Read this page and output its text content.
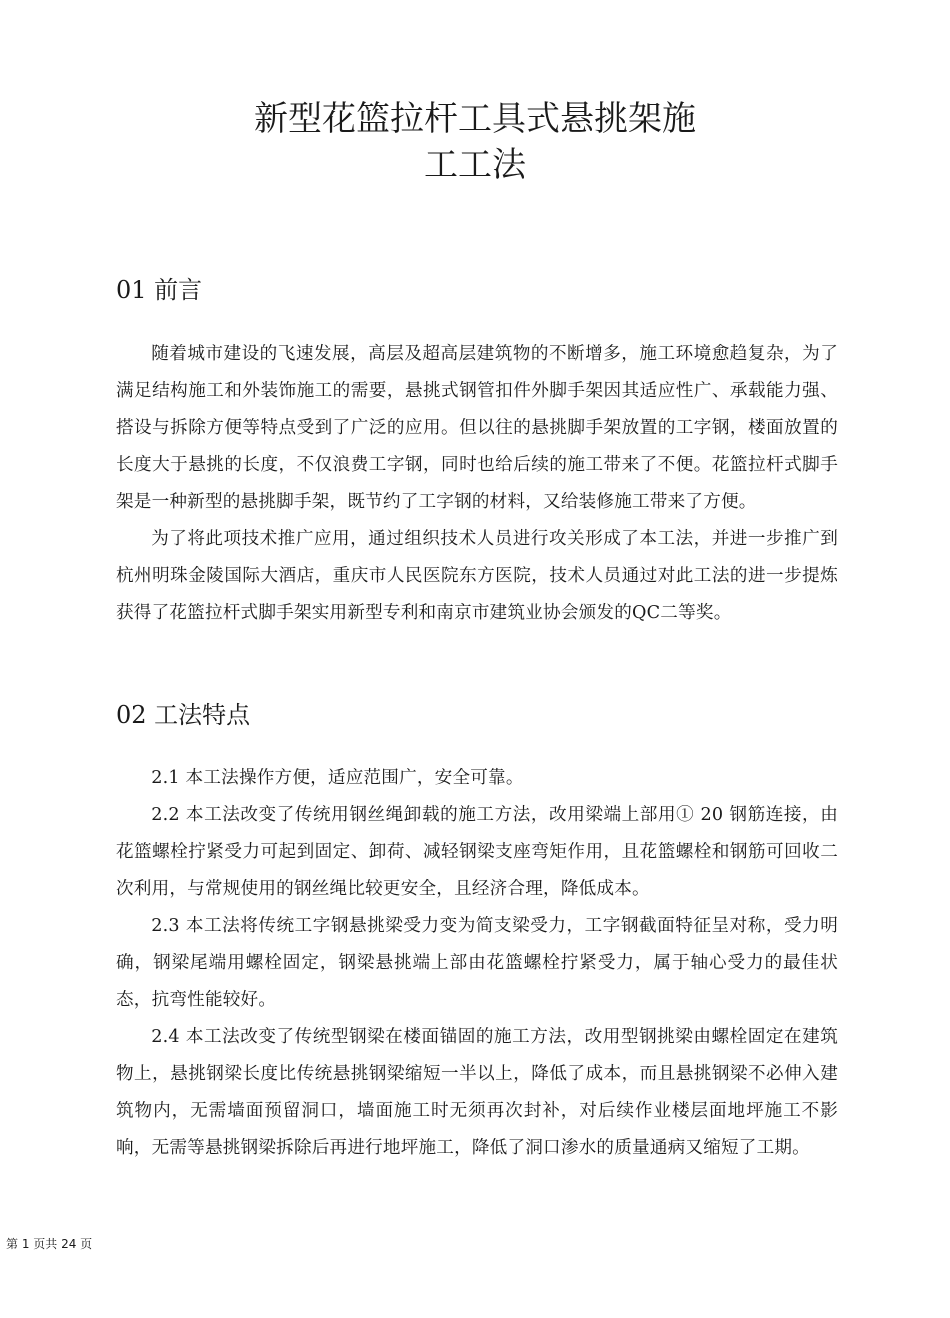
新型花篮拉杆工具式悬挑架施
工工法
01 前言

随着城市建设的飞速发展，高层及超高层建筑物的不断增多，施工环境愈趋复杂，为了满足结构施工和外装饰施工的需要，悬挑式钢管扣件外脚手架因其适应性广、承载能力强、搭设与拆除方便等特点受到了广泛的应用。但以往的悬挑脚手架放置的工字钢，楼面放置的长度大于悬挑的长度，不仅浪费工字钢，同时也给后续的施工带来了不便。花篮拉杆式脚手架是一种新型的悬挑脚手架，既节约了工字钢的材料，又给装修施工带来了方便。

为了将此项技术推广应用，通过组织技术人员进行攻关形成了本工法，并进一步推广到杭州明珠金陵国际大酒店，重庆市人民医院东方医院，技术人员通过对此工法的进一步提炼获得了花篮拉杆式脚手架实用新型专利和南京市建筑业协会颁发的QC二等奖。

02 工法特点

2.1 本工法操作方便，适应范围广，安全可靠。

2.2 本工法改变了传统用钢丝绳卸载的施工方法，改用梁端上部用① 20 钢筋连接，由花篮螺栓拧紧受力可起到固定、卸荷、减轻钢梁支座弯矩作用，且花篮螺栓和钢筋可回收二次利用，与常规使用的钢丝绳比较更安全，且经济合理，降低成本。

2.3 本工法将传统工字钢悬挑梁受力变为简支梁受力，工字钢截面特征呈对称，受力明确，钢梁尾端用螺栓固定，钢梁悬挑端上部由花篮螺栓拧紧受力，属于轴心受力的最佳状态，抗弯性能较好。

2.4 本工法改变了传统型钢梁在楼面锚固的施工方法，改用型钢挑梁由螺栓固定在建筑物上，悬挑钢梁长度比传统悬挑钢梁缩短一半以上，降低了成本，而且悬挑钢梁不必伸入建筑物内，无需墙面预留洞口，墙面施工时无须再次封补，对后续作业楼层面地坪施工不影响，无需等悬挑钢梁拆除后再进行地坪施工，降低了洞口渗水的质量通病又缩短了工期。

第 1 页共 24 页
